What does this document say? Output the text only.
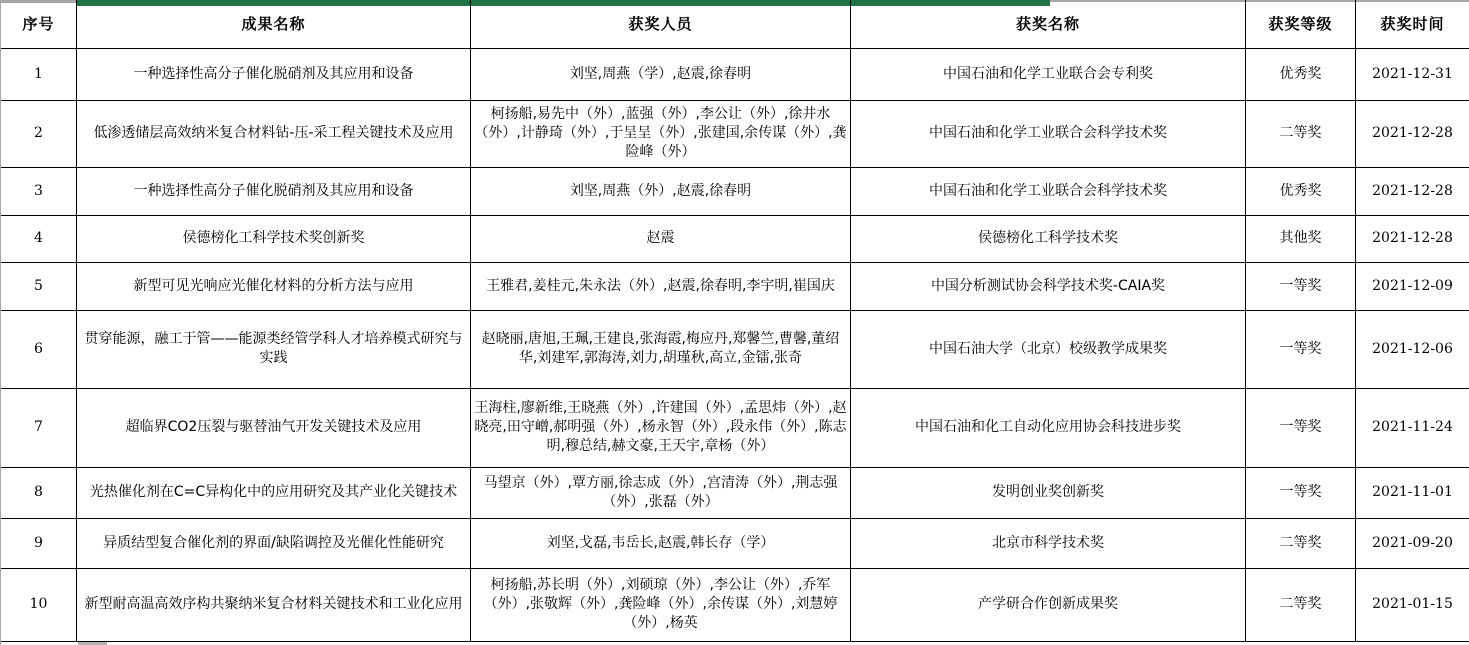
序号	成果名称	获奖人员	获奖名称	获奖等级	获奖时间
1	一种选择性高分子催化脱硝剂及其应用和设备	刘坚,周燕（学）,赵震,徐春明	中国石油和化学工业联合会专利奖	优秀奖	2021-12-31
2	低渗透储层高效纳米复合材料钻-压-采工程关键技术及应用	柯扬船,易先中（外）,蓝强（外）,李公让（外）,徐井水（外）,计静琦（外）,于呈呈（外）,张建国,余传谋（外）,龚险峰（外）	中国石油和化学工业联合会科学技术奖	二等奖	2021-12-28
3	一种选择性高分子催化脱硝剂及其应用和设备	刘坚,周燕（外）,赵震,徐春明	中国石油和化学工业联合会科学技术奖	优秀奖	2021-12-28
4	侯德榜化工科学技术奖创新奖	赵震	侯德榜化工科学技术奖	其他奖	2021-12-28
5	新型可见光响应光催化材料的分析方法与应用	王雅君,姜桂元,朱永法（外）,赵震,徐春明,李宇明,崔国庆	中国分析测试协会科学技术奖-CAIA奖	一等奖	2021-12-09
6	贯穿能源，融工于管——能源类经管学科人才培养模式研究与实践	赵晓丽,唐旭,王珮,王建良,张海霞,梅应丹,郑馨竺,曹馨,董绍华,刘建军,郭海涛,刘力,胡瑾秋,高立,金镭,张奇	中国石油大学（北京）校级教学成果奖	一等奖	2021-12-06
7	超临界CO2压裂与驱替油气开发关键技术及应用	王海柱,廖新维,王晓燕（外）,许建国（外）,孟思炜（外）,赵晓亮,田守嶒,郝明强（外）,杨永智（外）,段永伟（外）,陈志明,穆总结,赫文豪,王天宇,章杨（外）	中国石油和化工自动化应用协会科技进步奖	一等奖	2021-11-24
8	光热催化剂在C=C异构化中的应用研究及其产业化关键技术	马望京（外）,覃方丽,徐志成（外）,宫清涛（外）,荆志强（外）,张磊（外）	发明创业奖创新奖	一等奖	2021-11-01
9	异质结型复合催化剂的界面/缺陷调控及光催化性能研究	刘坚,戈磊,韦岳长,赵震,韩长存（学）	北京市科学技术奖	二等奖	2021-09-20
10	新型耐高温高效序构共聚纳米复合材料关键技术和工业化应用	柯扬船,苏长明（外）,刘硕琼（外）,李公让（外）,乔军（外）,张敬辉（外）,龚险峰（外）,余传谋（外）,刘慧婷（外）,杨英	产学研合作创新成果奖	二等奖	2021-01-15
